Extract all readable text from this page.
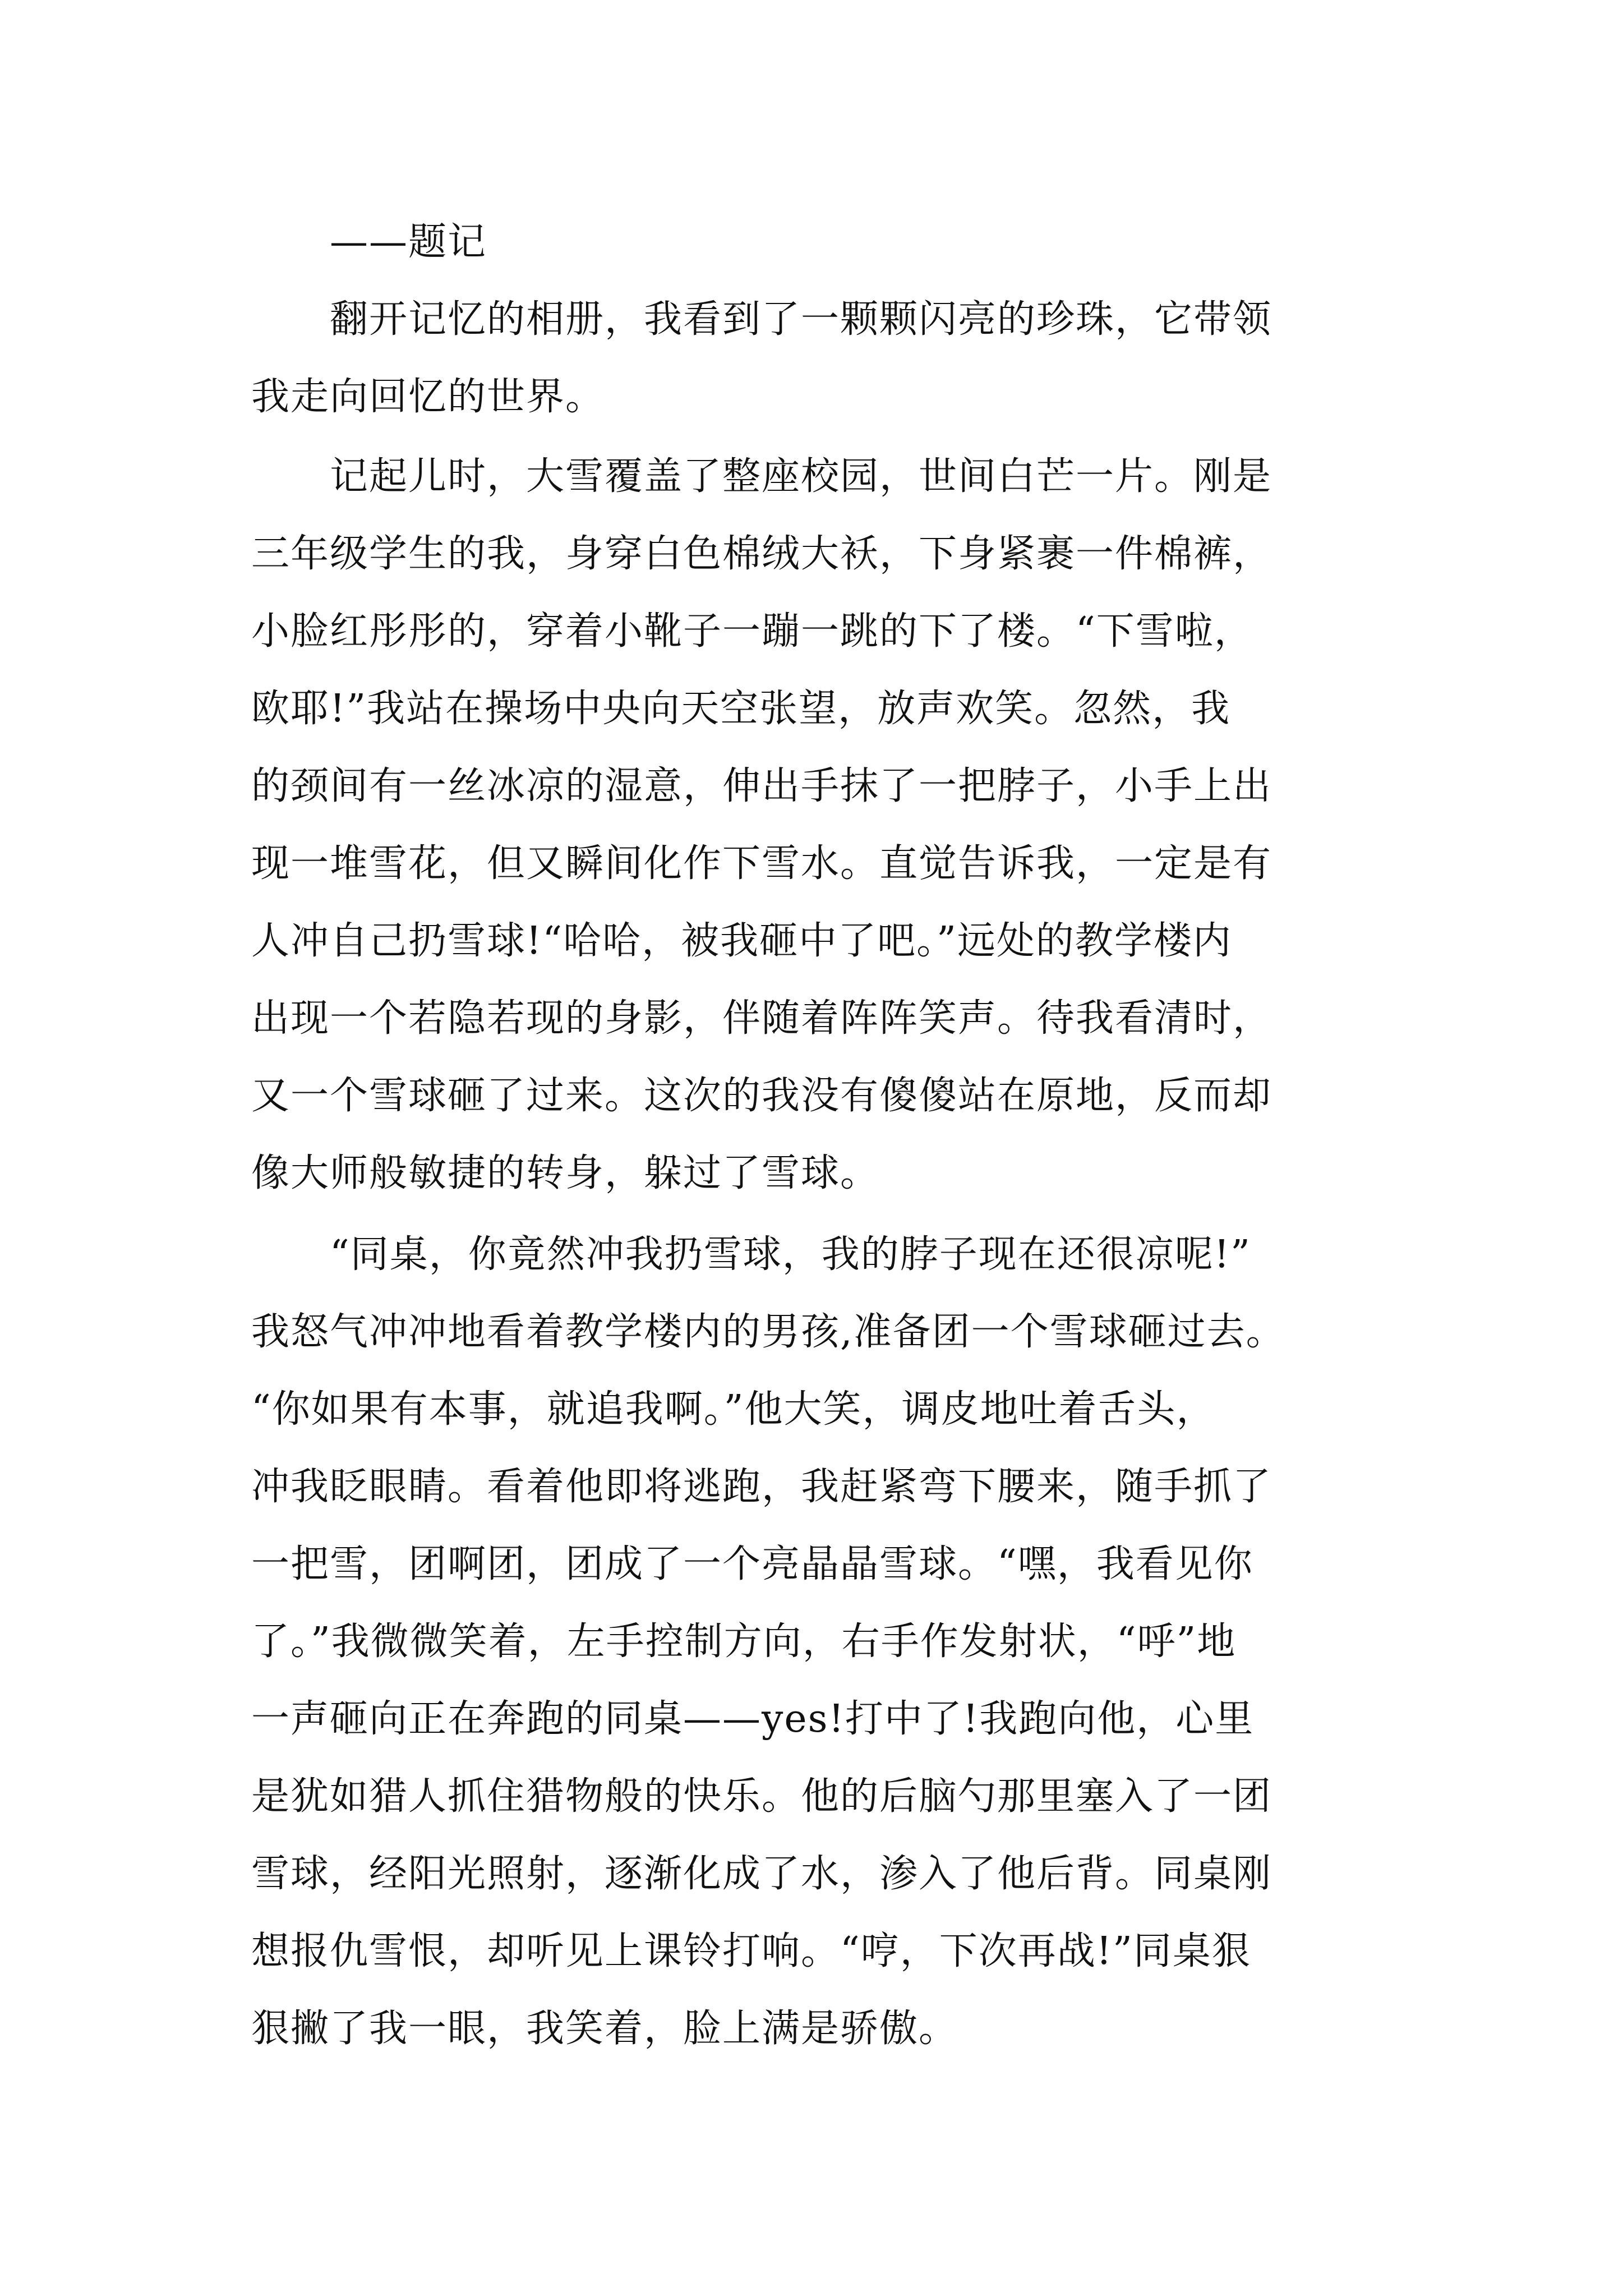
——题记
翻开记忆的相册，我看到了一颗颗闪亮的珍珠，它带领
我走向回忆的世界。
记起儿时，大雪覆盖了整座校园，世间白芒一片。刚是
三年级学生的我，身穿白色棉绒大袄，下身紧裹一件棉裤，
小脸红彤彤的，穿着小靴子一蹦一跳的下了楼。“下雪啦，
欧耶!”我站在操场中央向天空张望，放声欢笑。忽然，我
的颈间有一丝冰凉的湿意，伸出手抹了一把脖子，小手上出
现一堆雪花，但又瞬间化作下雪水。直觉告诉我，一定是有
人冲自己扔雪球!“哈哈，被我砸中了吧。”远处的教学楼内
出现一个若隐若现的身影，伴随着阵阵笑声。待我看清时，
又一个雪球砸了过来。这次的我没有傻傻站在原地，反而却
像大师般敏捷的转身，躲过了雪球。
“同桌，你竟然冲我扔雪球，我的脖子现在还很凉呢!”
我怒气冲冲地看着教学楼内的男孩,准备团一个雪球砸过去。
“你如果有本事，就追我啊。”他大笑，调皮地吐着舌头，
冲我眨眼睛。看着他即将逃跑，我赶紧弯下腰来，随手抓了
一把雪，团啊团，团成了一个亮晶晶雪球。“嘿，我看见你
了。”我微微笑着，左手控制方向，右手作发射状，“呼”地
一声砸向正在奔跑的同桌——yes!打中了!我跑向他，心里
是犹如猎人抓住猎物般的快乐。他的后脑勺那里塞入了一团
雪球，经阳光照射，逐渐化成了水，渗入了他后背。同桌刚
想报仇雪恨，却听见上课铃打响。“哼，下次再战!”同桌狠
狠撇了我一眼，我笑着，脸上满是骄傲。
